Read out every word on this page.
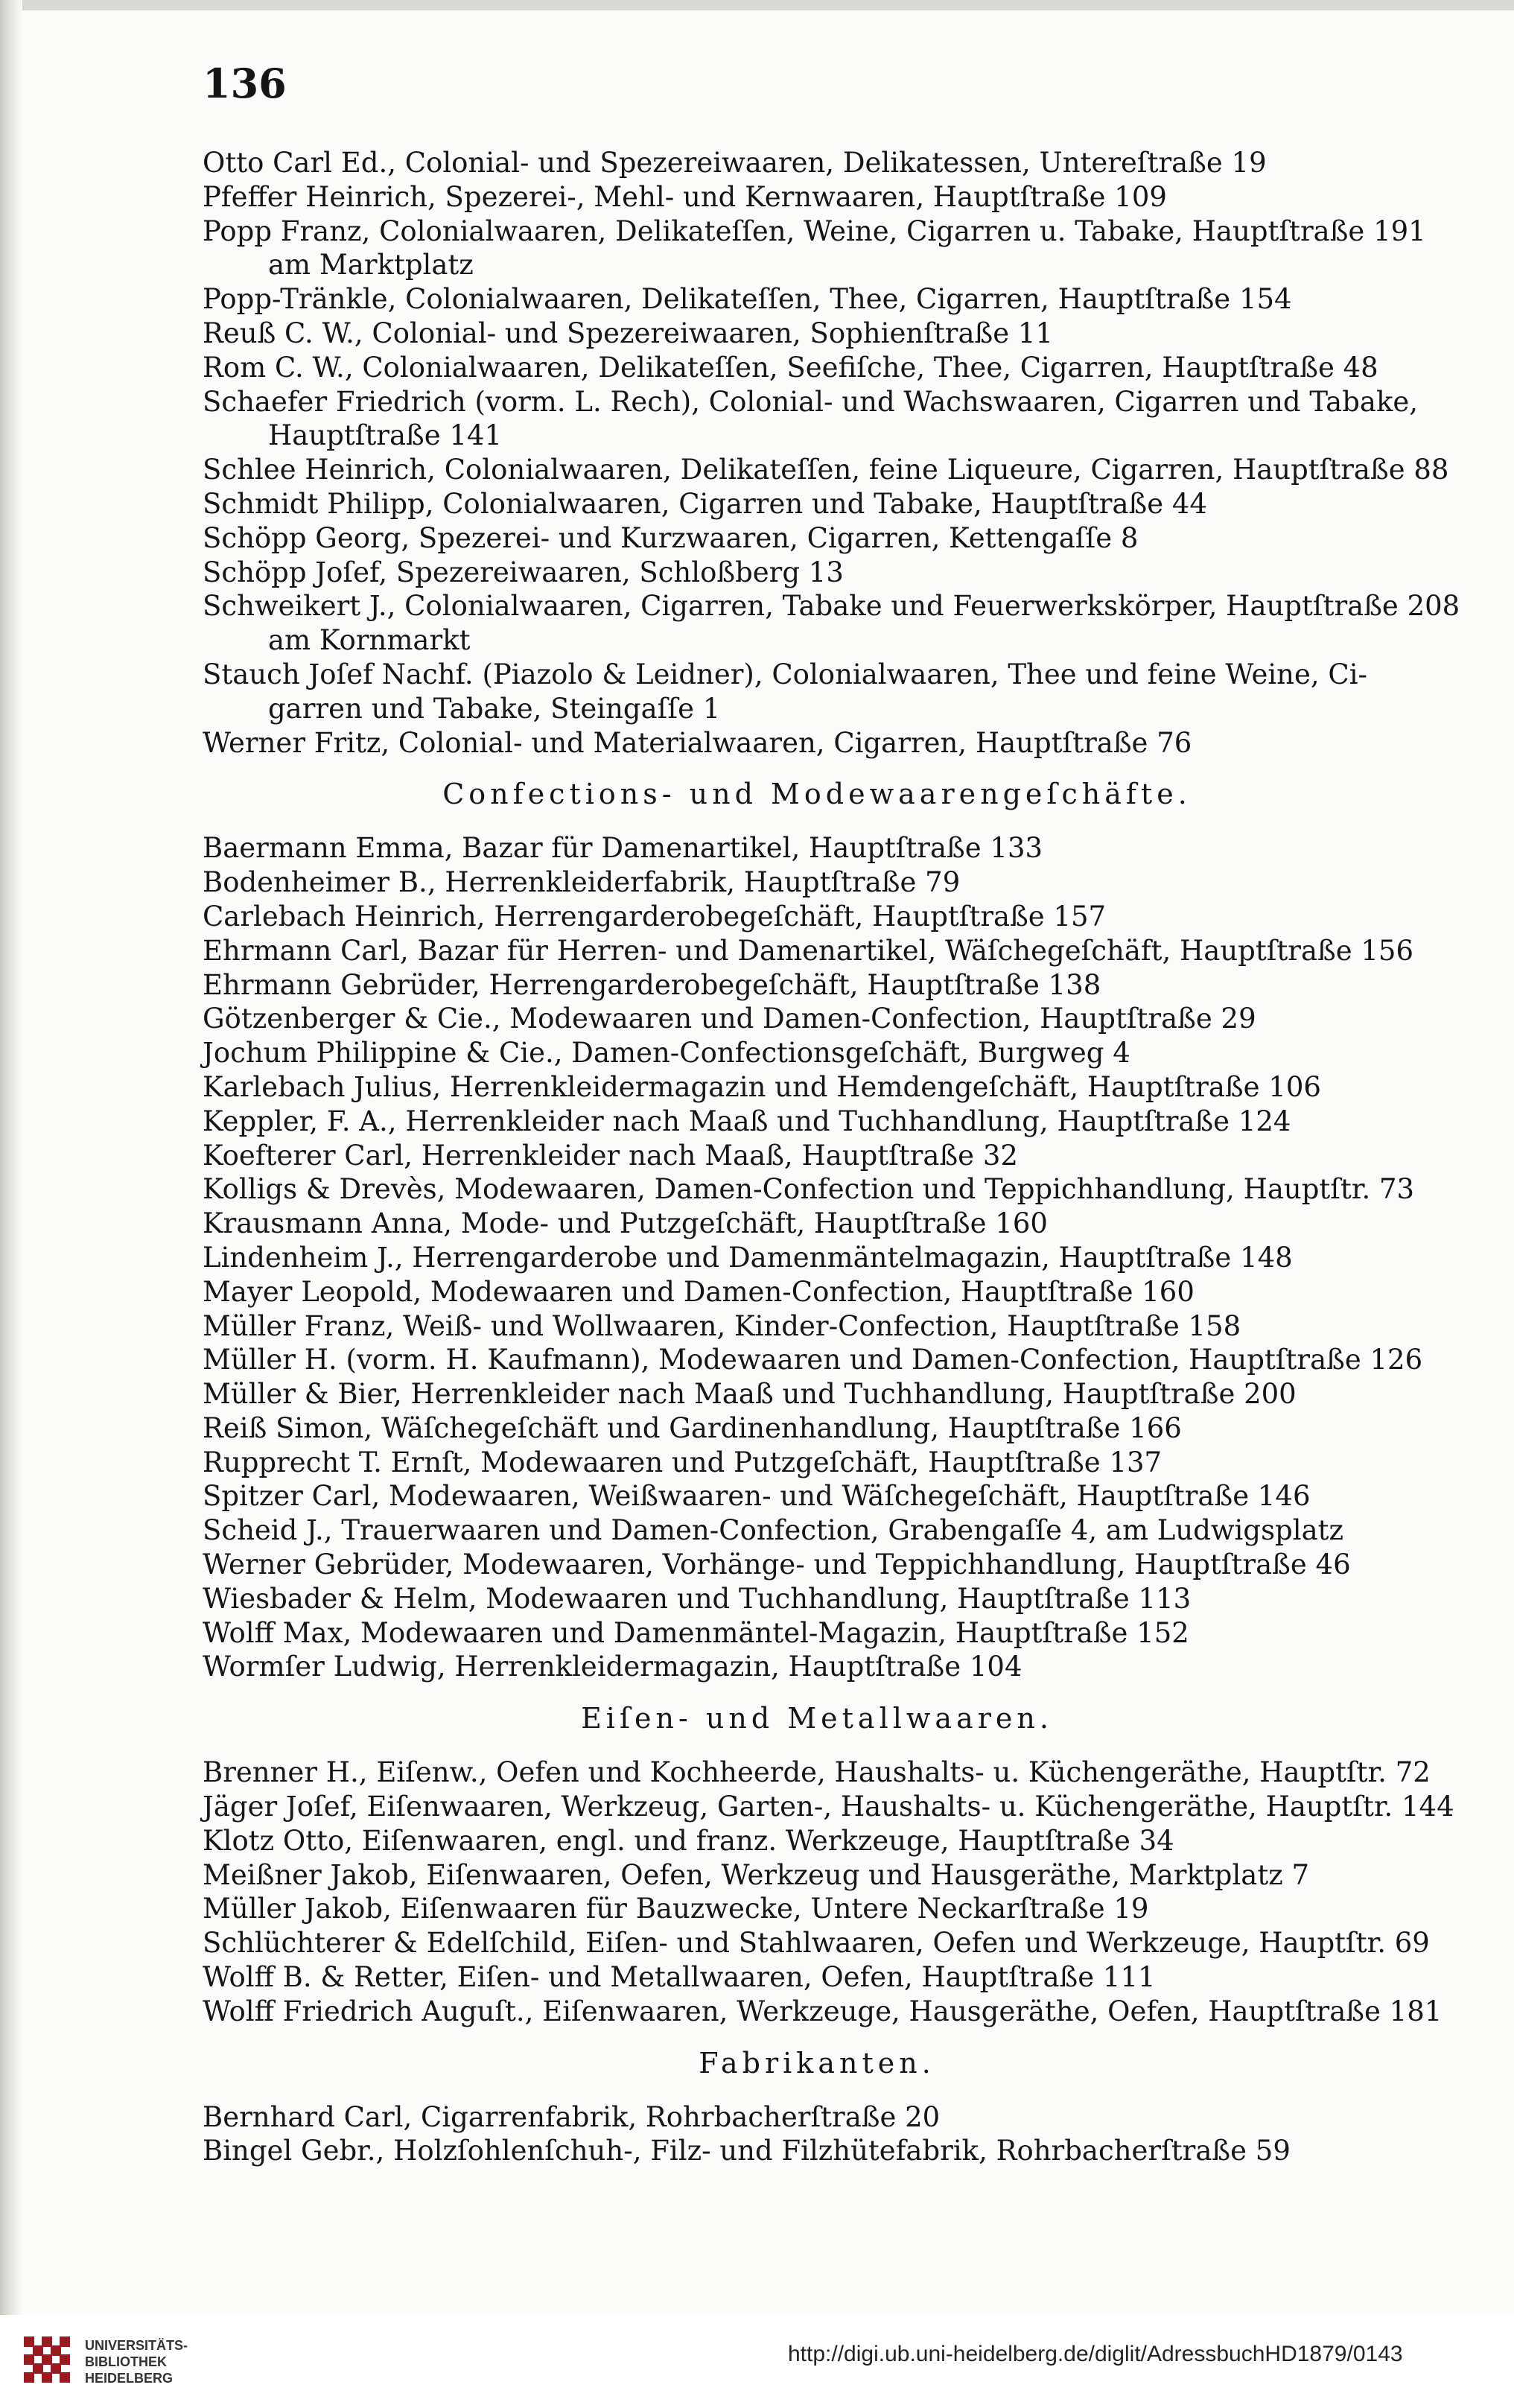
136
Otto Carl Ed., Colonial- und Spezereiwaaren, Delikatessen, Untereſtraße 19
Pfeffer Heinrich, Spezerei-, Mehl- und Kernwaaren, Hauptſtraße 109
Popp Franz, Colonialwaaren, Delikateſſen, Weine, Cigarren u. Tabake, Hauptſtraße 191
am Marktplatz
Popp-Tränkle, Colonialwaaren, Delikateſſen, Thee, Cigarren, Hauptſtraße 154
Reuß C. W., Colonial- und Spezereiwaaren, Sophienſtraße 11
Rom C. W., Colonialwaaren, Delikateſſen, Seefiſche, Thee, Cigarren, Hauptſtraße 48
Schaefer Friedrich (vorm. L. Rech), Colonial- und Wachswaaren, Cigarren und Tabake,
Hauptſtraße 141
Schlee Heinrich, Colonialwaaren, Delikateſſen, feine Liqueure, Cigarren, Hauptſtraße 88
Schmidt Philipp, Colonialwaaren, Cigarren und Tabake, Hauptſtraße 44
Schöpp Georg, Spezerei- und Kurzwaaren, Cigarren, Kettengaſſe 8
Schöpp Joſef, Spezereiwaaren, Schloßberg 13
Schweikert J., Colonialwaaren, Cigarren, Tabake und Feuerwerkskörper, Hauptſtraße 208
am Kornmarkt
Stauch Joſef Nachf. (Piazolo & Leidner), Colonialwaaren, Thee und feine Weine, Ci-
garren und Tabake, Steingaſſe 1
Werner Fritz, Colonial- und Materialwaaren, Cigarren, Hauptſtraße 76
Confections- und Modewaarengeſchäfte.
Baermann Emma, Bazar für Damenartikel, Hauptſtraße 133
Bodenheimer B., Herrenkleiderfabrik, Hauptſtraße 79
Carlebach Heinrich, Herrengarderobegeſchäft, Hauptſtraße 157
Ehrmann Carl, Bazar für Herren- und Damenartikel, Wäſchegeſchäft, Hauptſtraße 156
Ehrmann Gebrüder, Herrengarderobegeſchäft, Hauptſtraße 138
Götzenberger & Cie., Modewaaren und Damen-Confection, Hauptſtraße 29
Jochum Philippine & Cie., Damen-Confectionsgeſchäft, Burgweg 4
Karlebach Julius, Herrenkleidermagazin und Hemdengeſchäft, Hauptſtraße 106
Keppler, F. A., Herrenkleider nach Maaß und Tuchhandlung, Hauptſtraße 124
Koefterer Carl, Herrenkleider nach Maaß, Hauptſtraße 32
Kolligs & Drevès, Modewaaren, Damen-Confection und Teppichhandlung, Hauptſtr. 73
Krausmann Anna, Mode- und Putzgeſchäft, Hauptſtraße 160
Lindenheim J., Herrengarderobe und Damenmäntelmagazin, Hauptſtraße 148
Mayer Leopold, Modewaaren und Damen-Confection, Hauptſtraße 160
Müller Franz, Weiß- und Wollwaaren, Kinder-Confection, Hauptſtraße 158
Müller H. (vorm. H. Kaufmann), Modewaaren und Damen-Confection, Hauptſtraße 126
Müller & Bier, Herrenkleider nach Maaß und Tuchhandlung, Hauptſtraße 200
Reiß Simon, Wäſchegeſchäft und Gardinenhandlung, Hauptſtraße 166
Rupprecht T. Ernſt, Modewaaren und Putzgeſchäft, Hauptſtraße 137
Spitzer Carl, Modewaaren, Weißwaaren- und Wäſchegeſchäft, Hauptſtraße 146
Scheid J., Trauerwaaren und Damen-Confection, Grabengaſſe 4, am Ludwigsplatz
Werner Gebrüder, Modewaaren, Vorhänge- und Teppichhandlung, Hauptſtraße 46
Wiesbader & Helm, Modewaaren und Tuchhandlung, Hauptſtraße 113
Wolff Max, Modewaaren und Damenmäntel-Magazin, Hauptſtraße 152
Wormſer Ludwig, Herrenkleidermagazin, Hauptſtraße 104
Eiſen- und Metallwaaren.
Brenner H., Eiſenw., Oefen und Kochheerde, Haushalts- u. Küchengeräthe, Hauptſtr. 72
Jäger Joſef, Eiſenwaaren, Werkzeug, Garten-, Haushalts- u. Küchengeräthe, Hauptſtr. 144
Klotz Otto, Eiſenwaaren, engl. und franz. Werkzeuge, Hauptſtraße 34
Meißner Jakob, Eiſenwaaren, Oefen, Werkzeug und Hausgeräthe, Marktplatz 7
Müller Jakob, Eiſenwaaren für Bauzwecke, Untere Neckarſtraße 19
Schlüchterer & Edelſchild, Eiſen- und Stahlwaaren, Oefen und Werkzeuge, Hauptſtr. 69
Wolff B. & Retter, Eiſen- und Metallwaaren, Oefen, Hauptſtraße 111
Wolff Friedrich Auguſt., Eiſenwaaren, Werkzeuge, Hausgeräthe, Oefen, Hauptſtraße 181
Fabrikanten.
Bernhard Carl, Cigarrenfabrik, Rohrbacherſtraße 20
Bingel Gebr., Holzſohlenſchuh-, Filz- und Filzhütefabrik, Rohrbacherſtraße 59
UNIVERSITÄTS-
BIBLIOTHEK
HEIDELBERG
http://digi.ub.uni-heidelberg.de/diglit/AdressbuchHD1879/0143
